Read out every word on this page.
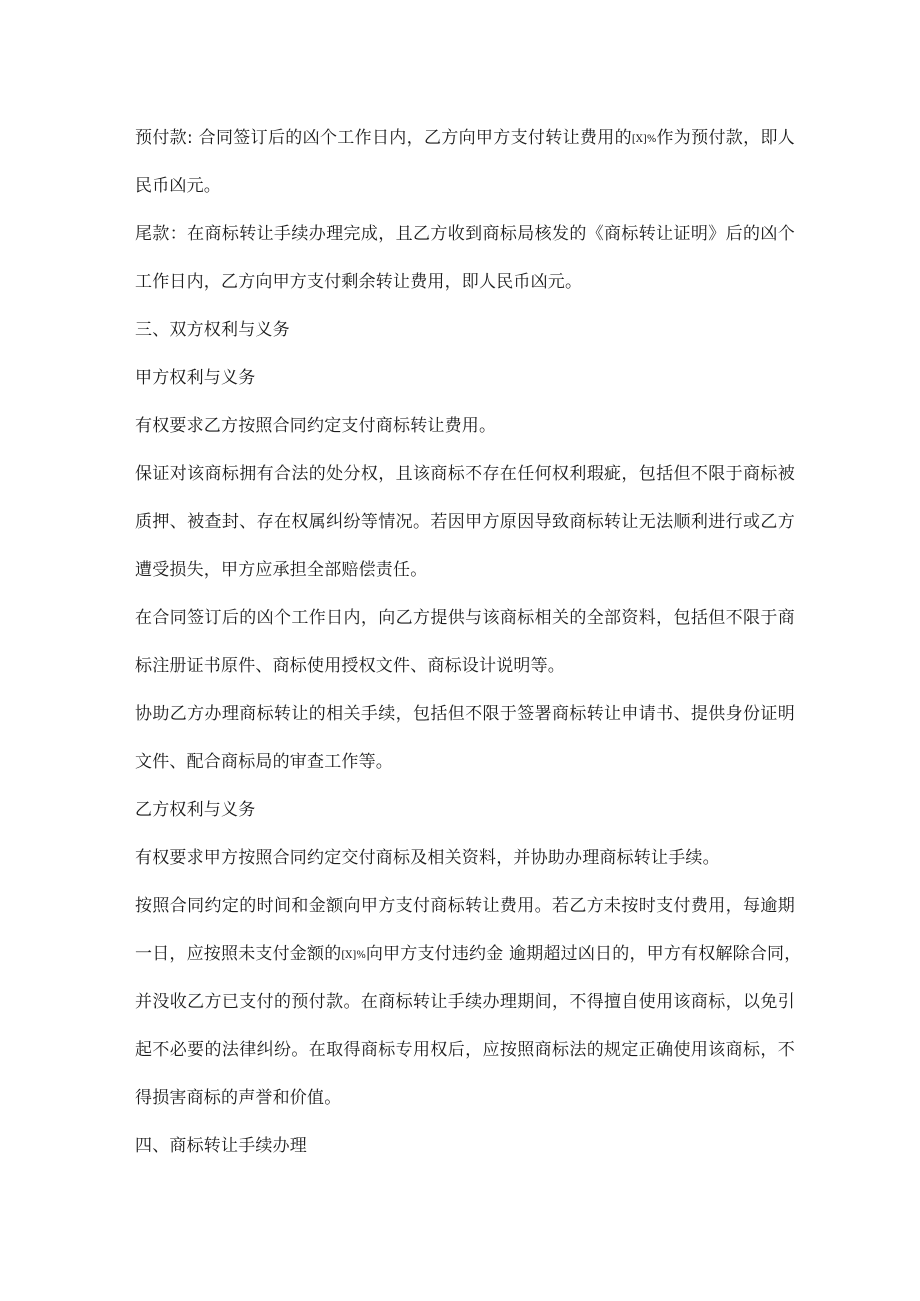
预付款: 合同签订后的凶个工作日内，乙方向甲方支付转让费用的[X]%作为预付款，即人
民币凶元。
尾款：在商标转让手续办理完成，且乙方收到商标局核发的《商标转让证明》后的凶个
工作日内，乙方向甲方支付剩余转让费用，即人民币凶元。
三、双方权利与义务
甲方权利与义务
有权要求乙方按照合同约定支付商标转让费用。
保证对该商标拥有合法的处分权，且该商标不存在任何权利瑕疵，包括但不限于商标被
质押、被查封、存在权属纠纷等情况。若因甲方原因导致商标转让无法顺利进行或乙方
遭受损失，甲方应承担全部赔偿责任。
在合同签订后的凶个工作日内，向乙方提供与该商标相关的全部资料，包括但不限于商
标注册证书原件、商标使用授权文件、商标设计说明等。
协助乙方办理商标转让的相关手续，包括但不限于签署商标转让申请书、提供身份证明
文件、配合商标局的审查工作等。
乙方权利与义务
有权要求甲方按照合同约定交付商标及相关资料，并协助办理商标转让手续。
按照合同约定的时间和金额向甲方支付商标转让费用。若乙方未按时支付费用，每逾期
一日，应按照未支付金额的[X]%向甲方支付违约金 逾期超过凶日的，甲方有权解除合同，
并没收乙方已支付的预付款。在商标转让手续办理期间，不得擅自使用该商标，以免引
起不必要的法律纠纷。在取得商标专用权后，应按照商标法的规定正确使用该商标，不
得损害商标的声誉和价值。
四、商标转让手续办理
